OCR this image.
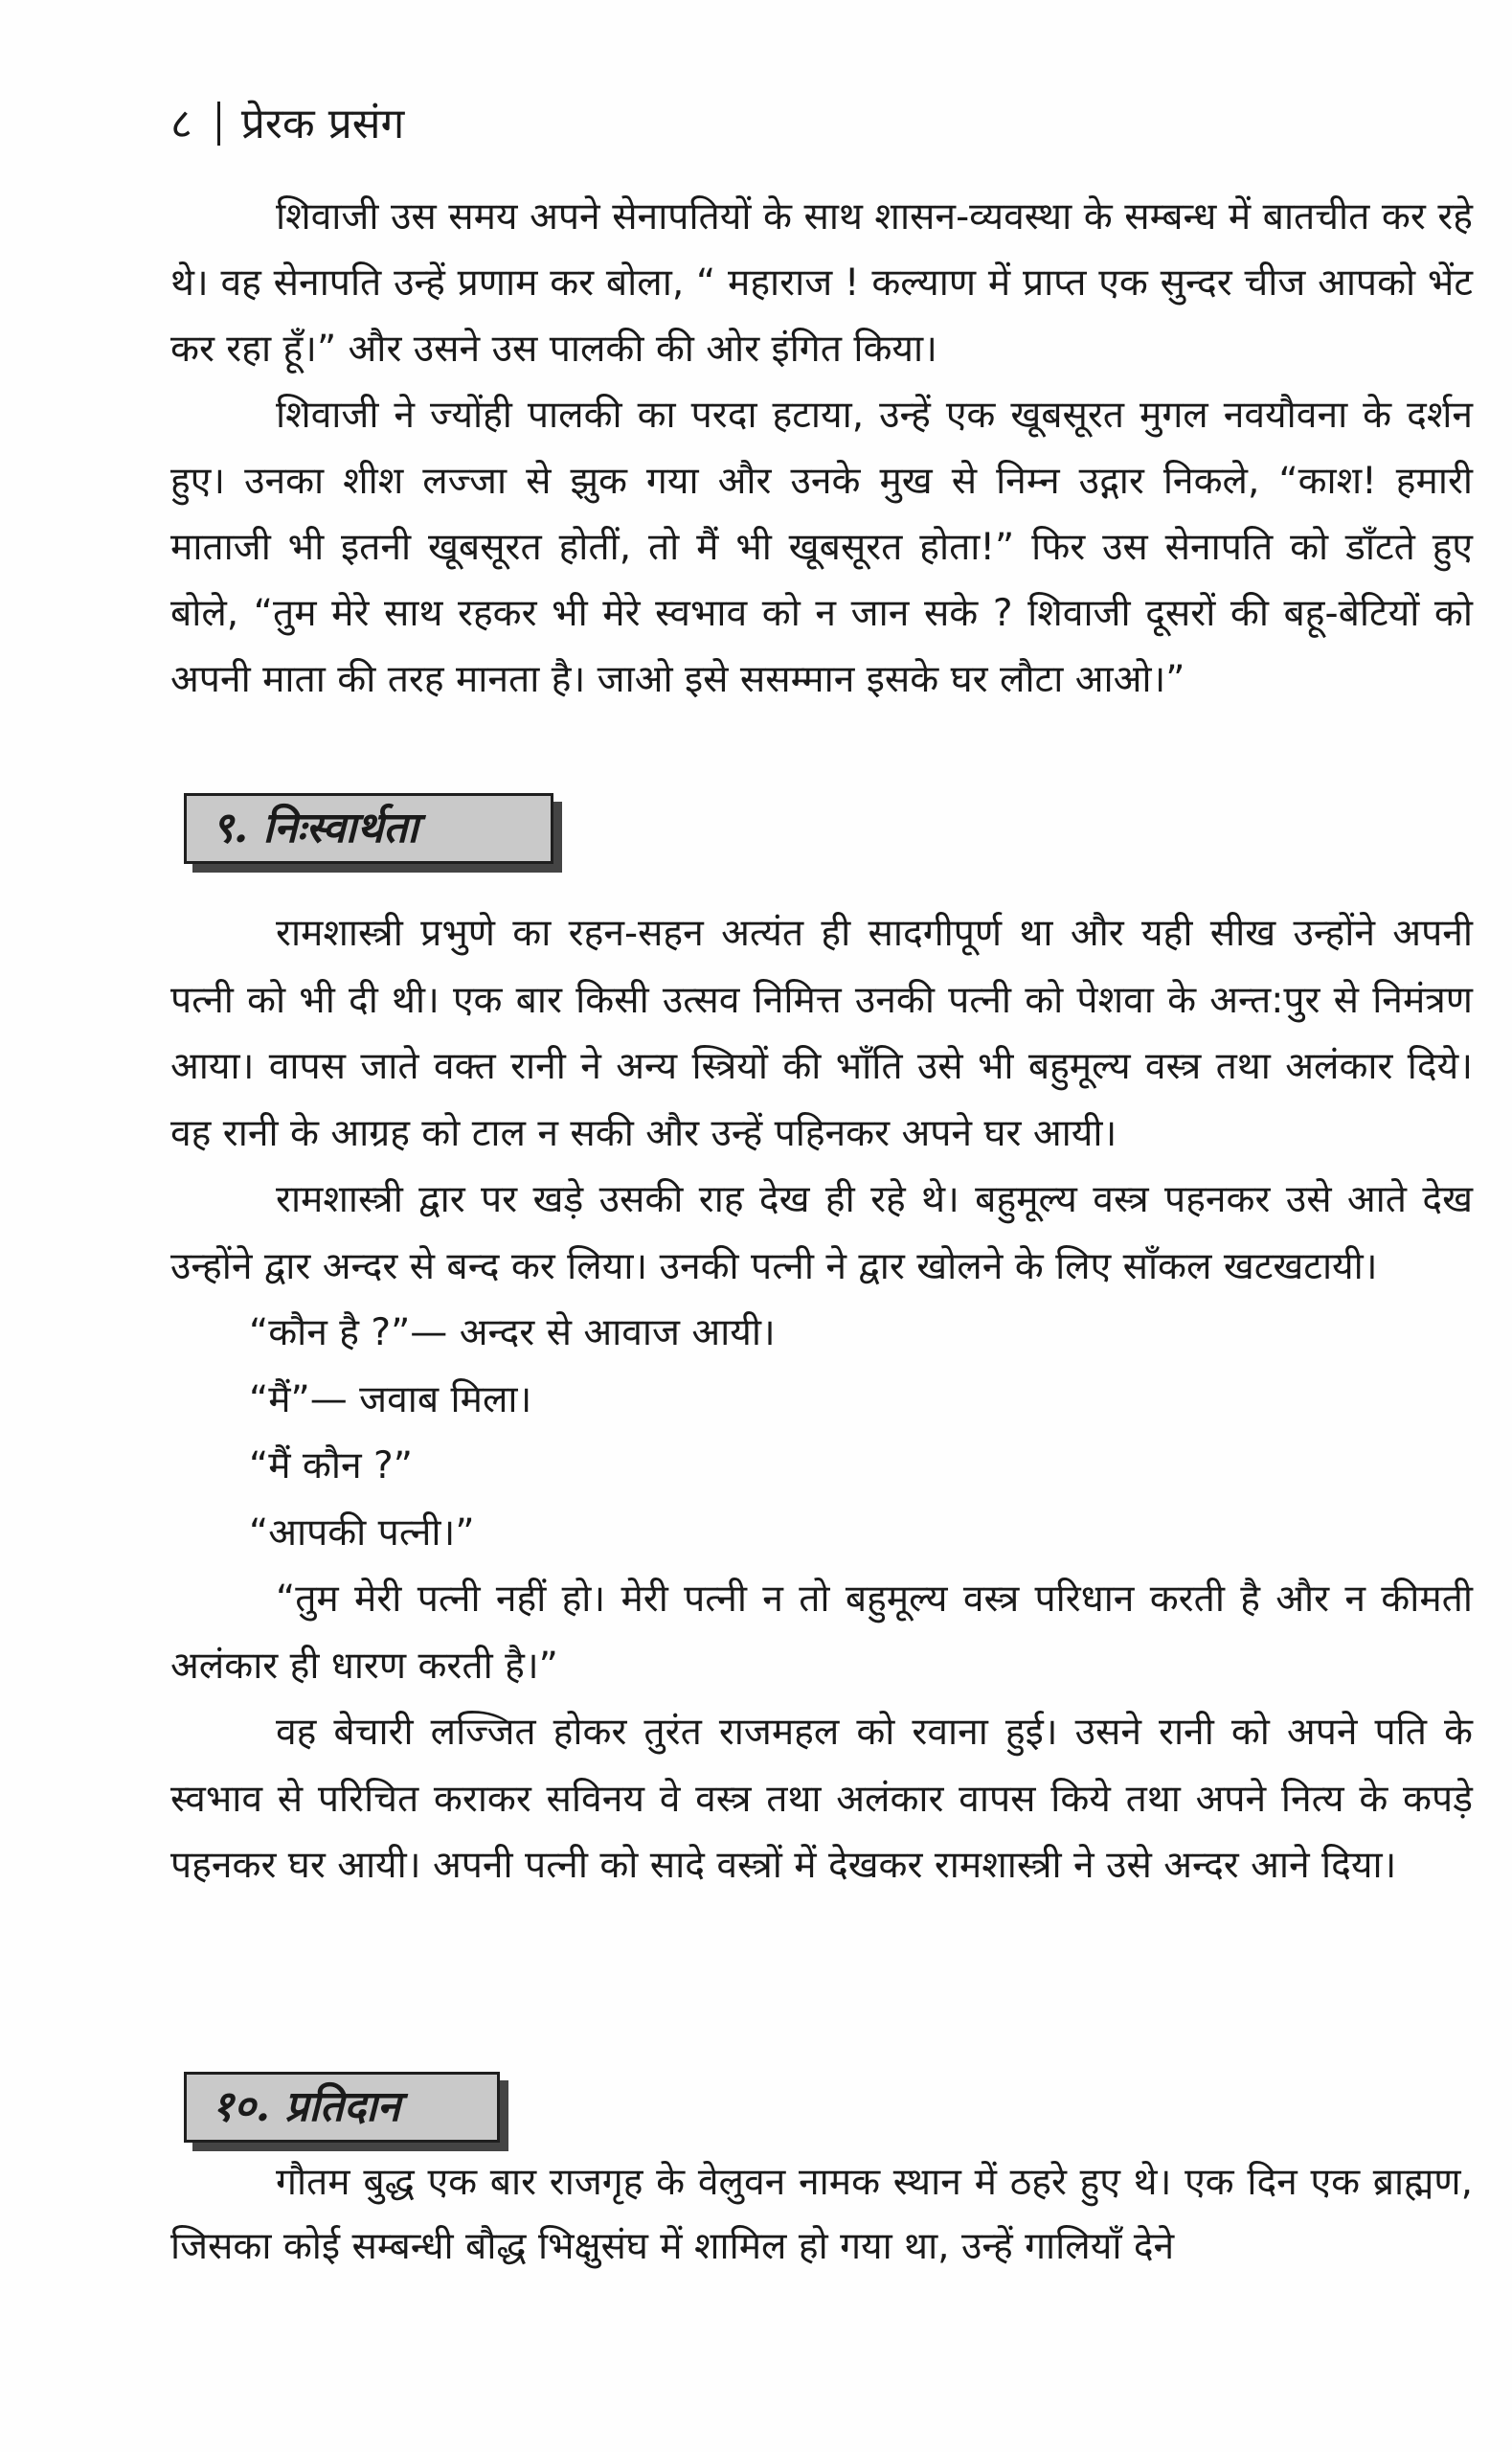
८ प्रेरक प्रसंग

शिवाजी उस समय अपने सेनापतियों के साथ शासन-व्यवस्था के सम्बन्ध में बातचीत कर रहे थे। वह सेनापति उन्हें प्रणाम कर बोला, “ महाराज ! कल्याण में प्राप्त एक सुन्दर चीज आपको भेंट कर रहा हूँ।” और उसने उस पालकी की ओर इंगित किया।

शिवाजी ने ज्योंही पालकी का परदा हटाया, उन्हें एक खूबसूरत मुगल नवयौवना के दर्शन हुए। उनका शीश लज्जा से झुक गया और उनके मुख से निम्न उद्गार निकले, “काश! हमारी माताजी भी इतनी खूबसूरत होतीं, तो मैं भी खूबसूरत होता!” फिर उस सेनापति को डाँटते हुए बोले, “तुम मेरे साथ रहकर भी मेरे स्वभाव को न जान सके ? शिवाजी दूसरों की बहू-बेटियों को अपनी माता की तरह मानता है। जाओ इसे ससम्मान इसके घर लौटा आओ।”

९. निःस्वार्थता

रामशास्त्री प्रभुणे का रहन-सहन अत्यंत ही सादगीपूर्ण था और यही सीख उन्होंने अपनी पत्नी को भी दी थी। एक बार किसी उत्सव निमित्त उनकी पत्नी को पेशवा के अन्त:पुर से निमंत्रण आया। वापस जाते वक्त रानी ने अन्य स्त्रियों की भाँति उसे भी बहुमूल्य वस्त्र तथा अलंकार दिये। वह रानी के आग्रह को टाल न सकी और उन्हें पहिनकर अपने घर आयी।

रामशास्त्री द्वार पर खड़े उसकी राह देख ही रहे थे। बहुमूल्य वस्त्र पहनकर उसे आते देख उन्होंने द्वार अन्दर से बन्द कर लिया। उनकी पत्नी ने द्वार खोलने के लिए साँकल खटखटायी।

“कौन है ?”— अन्दर से आवाज आयी।

“मैं”— जवाब मिला।

“मैं कौन ?”

“आपकी पत्नी।”

“तुम मेरी पत्नी नहीं हो। मेरी पत्नी न तो बहुमूल्य वस्त्र परिधान करती है और न कीमती अलंकार ही धारण करती है।”

वह बेचारी लज्जित होकर तुरंत राजमहल को रवाना हुई। उसने रानी को अपने पति के स्वभाव से परिचित कराकर सविनय वे वस्त्र तथा अलंकार वापस किये तथा अपने नित्य के कपड़े पहनकर घर आयी। अपनी पत्नी को सादे वस्त्रों में देखकर रामशास्त्री ने उसे अन्दर आने दिया।

१०. प्रतिदान

गौतम बुद्ध एक बार राजगृह के वेलुवन नामक स्थान में ठहरे हुए थे। एक दिन एक ब्राह्मण, जिसका कोई सम्बन्धी बौद्ध भिक्षुसंघ में शामिल हो गया था, उन्हें गालियाँ देने
